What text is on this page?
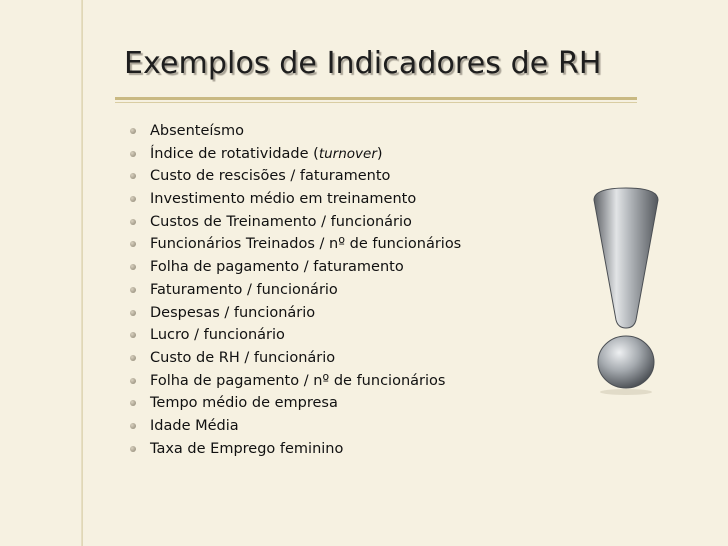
Exemplos de Indicadores de RH
Absenteísmo
Índice de rotatividade (turnover)
Custo de rescisões / faturamento
Investimento médio em treinamento
Custos de Treinamento / funcionário
Funcionários Treinados / nº de funcionários
Folha de pagamento / faturamento
Faturamento / funcionário
Despesas / funcionário
Lucro / funcionário
Custo de RH / funcionário
Folha de pagamento / nº de funcionários
Tempo médio de empresa
Idade Média
Taxa de Emprego feminino
